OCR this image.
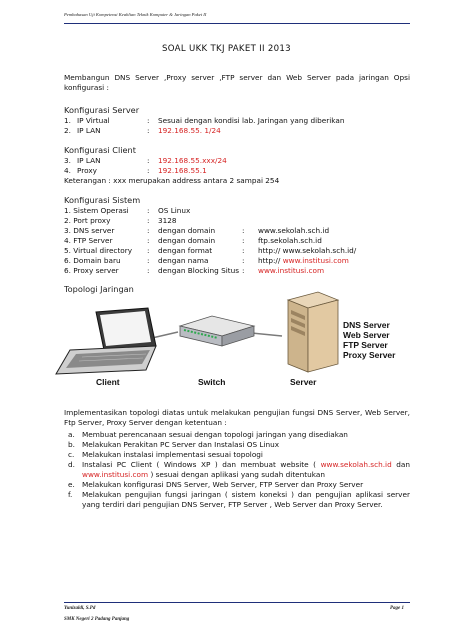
Pembahasan Uji Kompetensi Keahlian Teknik Komputer & Jaringan Paket II
SOAL UKK TKJ PAKET II 2013
Membangun DNS Server ,Proxy server ,FTP server dan Web Server pada jaringan Opsi konfigurasi :
Konfigurasi Server
1. IP Virtual	: Sesuai dengan kondisi lab. Jaringan yang diberikan
2. IP LAN	: 192.168.55. 1/24
Konfigurasi Client
3. IP LAN	: 192.168.55.xxx/24
4. Proxy	: 192.168.55.1
Keterangan : xxx merupakan address antara 2 sampai 254
Konfigurasi Sistem
1. Sistem Operasi	: OS Linux
2. Port proxy	: 3128
3. DNS server	: dengan domain	: www.sekolah.sch.id
4. FTP Server	: dengan domain	: ftp.sekolah.sch.id
5. Virtual directory : dengan format	: http:// www.sekolah.sch.id/
6. Domain baru	: dengan nama	: http:// www.institusi.com
6. Proxy server	: dengan Blocking Situs : www.institusi.com
Topologi Jaringan
Client	Switch	Server
DNS Server
Web Server
FTP Server
Proxy Server
Implementasikan topologi diatas untuk melakukan pengujian fungsi DNS Server, Web Server, Ftp Server, Proxy Server dengan ketentuan :
a. Membuat perencanaan sesuai dengan topologi jaringan yang disediakan
b. Melakukan Perakitan PC Server dan Instalasi OS Linux
c. Melakukan instalasi implementasi sesuai topologi
d. Instalasi PC Client ( Windows XP ) dan membuat website ( www.sekolah.sch.id dan www.institusi.com ) sesuai dengan aplikasi yang sudah ditentukan
e. Melakukan konfigurasi DNS Server, Web Server, FTP Server dan Proxy Server
f. Melakukan pengujian fungsi jaringan ( sistem koneksi ) dan pengujian aplikasi server yang terdiri dari pengujian DNS Server, FTP Server , Web Server dan Proxy Server.
Yunizaldi, S.Pd
SMK Negeri 2 Padang Panjang
Page 1
